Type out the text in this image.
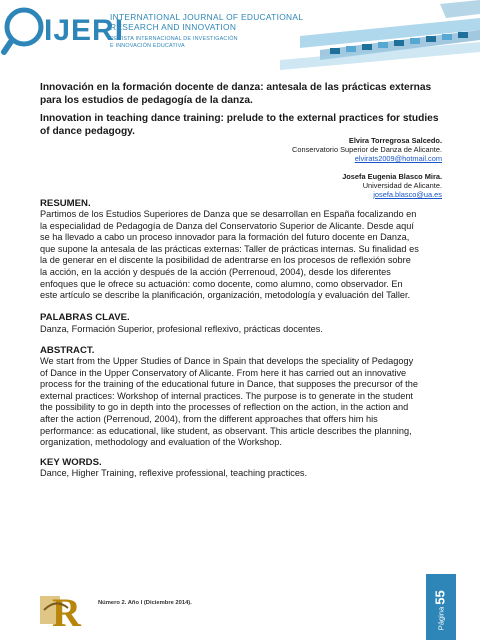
IJERI
INTERNATIONAL JOURNAL OF EDUCATIONAL
RESEARCH AND INNOVATION
REVISTA INTERNACIONAL DE INVESTIGACIÓN
E INNOVACIÓN EDUCATIVA
Innovación en la formación docente de danza: antesala de las prácticas externas para los estudios de pedagogía de la danza.
Innovation in teaching dance training: prelude to the external practices for studies of dance pedagogy.
Elvira Torregrosa Salcedo.
Conservatorio Superior de Danza de Alicante.
elvirats2009@hotmail.com
Josefa Eugenia Blasco Mira.
Universidad de Alicante.
josefa.blasco@ua.es
RESUMEN.
Partimos de los Estudios Superiores de Danza que se desarrollan en España focalizando en
la especialidad de Pedagogía de Danza del Conservatorio Superior de Alicante. Desde aquí
se ha llevado a cabo un proceso innovador para la formación del futuro docente en Danza,
que supone la antesala de las prácticas externas: Taller de prácticas internas. Su finalidad es
la de generar en el discente la posibilidad de adentrarse en los procesos de reflexión sobre
la acción, en la acción y después de la acción (Perrenoud, 2004), desde los diferentes
enfoques que le ofrece su actuación: como docente, como alumno, como observador. En
este artículo se describe la planificación, organización, metodología y evaluación del Taller.
PALABRAS CLAVE.
Danza, Formación Superior, profesional reflexivo, prácticas docentes.
ABSTRACT.
We start from the Upper Studies of Dance in Spain that develops the speciality of Pedagogy
of Dance in the Upper Conservatory of Alicante. From here it has carried out an innovative
process for the training of the educational future in Dance, that supposes the precursor of the
external practices: Workshop of internal practices. The purpose is to generate in the student
the possibility to go in depth into the processes of reflection on the action, in the action and
after the action (Perrenoud, 2004), from the different approaches that offers him his
performance: as educational, like student, as observant. This article describes the planning,
organization, methodology and evaluation of the Workshop.
KEY WORDS.
Dance, Higher Training, reflexive professional, teaching practices.
R	Número 2. Año I (Diciembre 2014).	55
Página
